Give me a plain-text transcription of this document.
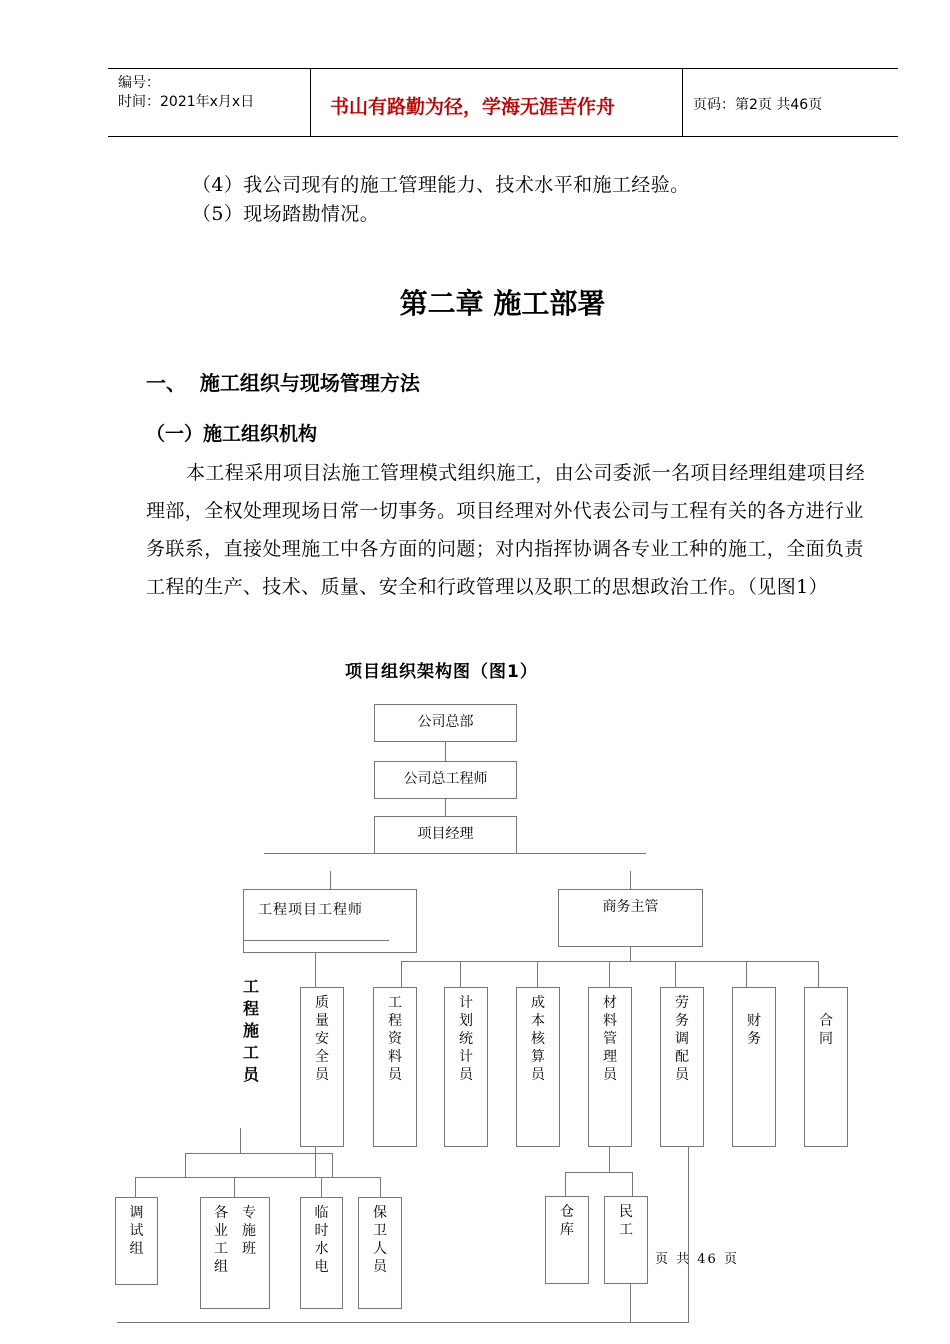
编号：
时间：2021年x月x日	书山有路勤为径，学海无涯苦作舟	页码：第2页 共46页
（4）我公司现有的施工管理能力、技术水平和施工经验。
（5）现场踏勘情况。
第二章 施工部署
一、  施工组织与现场管理方法
（一）施工组织机构
本工程采用项目法施工管理模式组织施工，由公司委派一名项目经理组建项目经理部，全权处理现场日常一切事务。项目经理对外代表公司与工程有关的各方进行业务联系，直接处理施工中各方面的问题；对内指挥协调各专业工种的施工，全面负责工程的生产、技术、质量、安全和行政管理以及职工的思想政治工作。（见图1）
项目组织架构图（图1）
公司总部
公司总工程师
项目经理
工程项目工程师	商务主管
工程施工员
质量安全员
工程资料员
计划统计员
成本核算员
材料管理员
劳务调配员
财务
合同
调试组
各业工组
专施班
临时水电
保卫人员
仓库
民工
页 共 46 页
